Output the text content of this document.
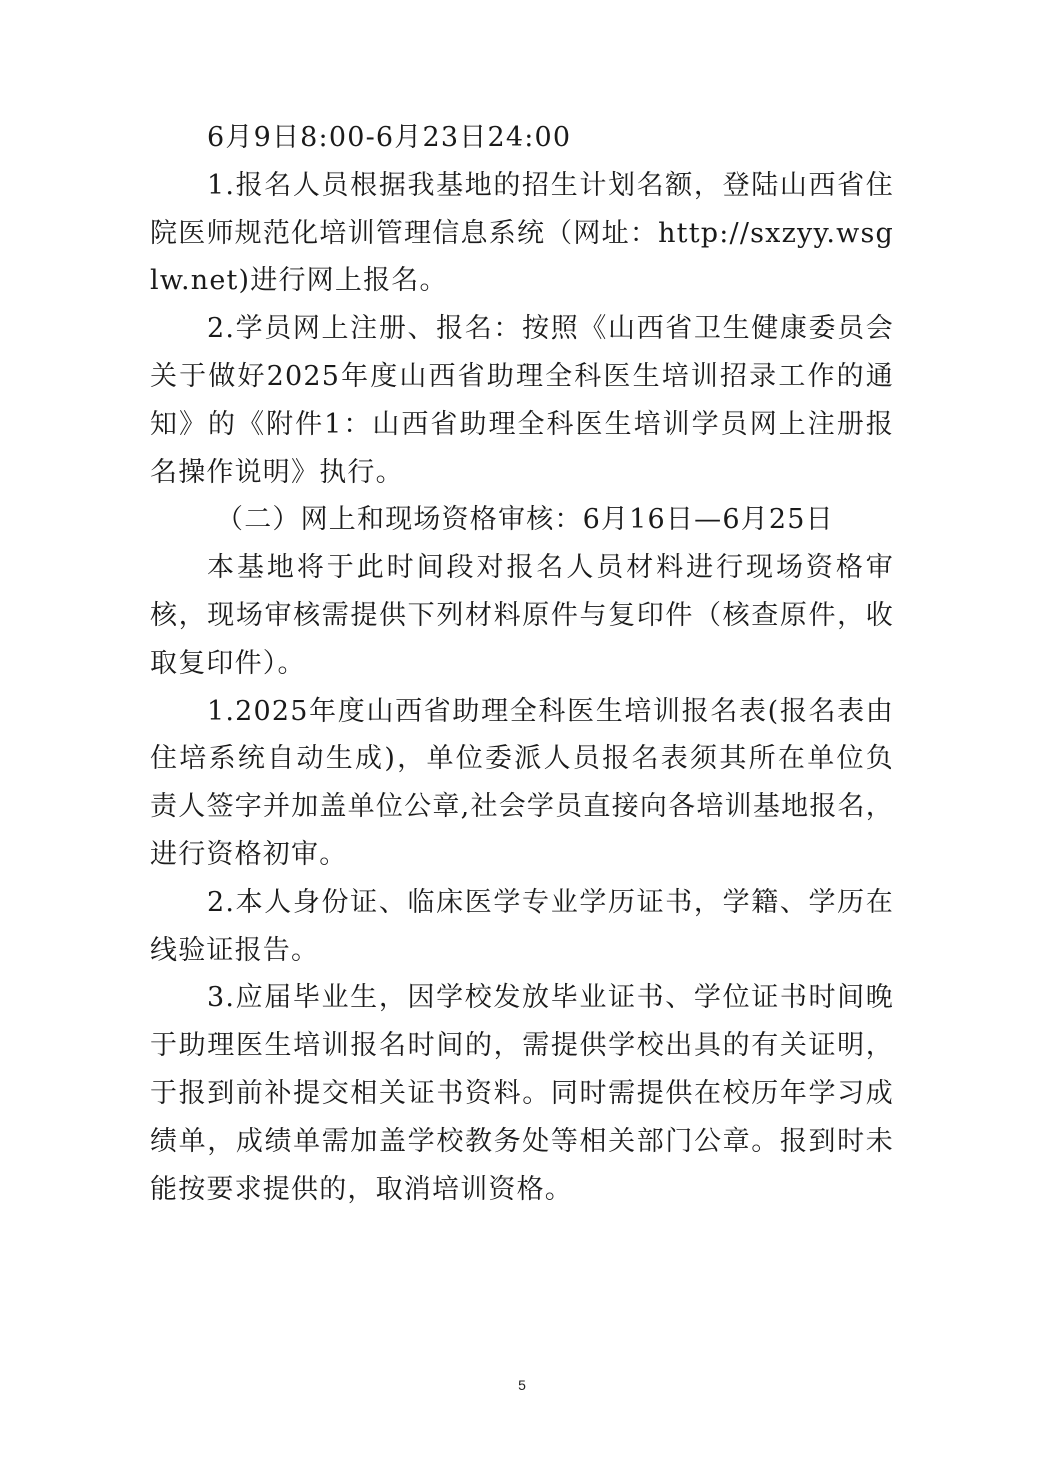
6月9日8:00-6月23日24:00

1.报名人员根据我基地的招生计划名额，登陆山西省住院医师规范化培训管理信息系统（网址：http://sxzyy.wsglw.net)进行网上报名。

2.学员网上注册、报名：按照《山西省卫生健康委员会关于做好2025年度山西省助理全科医生培训招录工作的通知》的《附件1：山西省助理全科医生培训学员网上注册报名操作说明》执行。

（二）网上和现场资格审核：6月16日—6月25日

本基地将于此时间段对报名人员材料进行现场资格审核，现场审核需提供下列材料原件与复印件（核查原件，收取复印件）。

1.2025年度山西省助理全科医生培训报名表(报名表由住培系统自动生成)，单位委派人员报名表须其所在单位负责人签字并加盖单位公章,社会学员直接向各培训基地报名，进行资格初审。

2.本人身份证、临床医学专业学历证书，学籍、学历在线验证报告。

3.应届毕业生，因学校发放毕业证书、学位证书时间晚于助理医生培训报名时间的，需提供学校出具的有关证明，于报到前补提交相关证书资料。同时需提供在校历年学习成绩单，成绩单需加盖学校教务处等相关部门公章。报到时未能按要求提供的，取消培训资格。

5
